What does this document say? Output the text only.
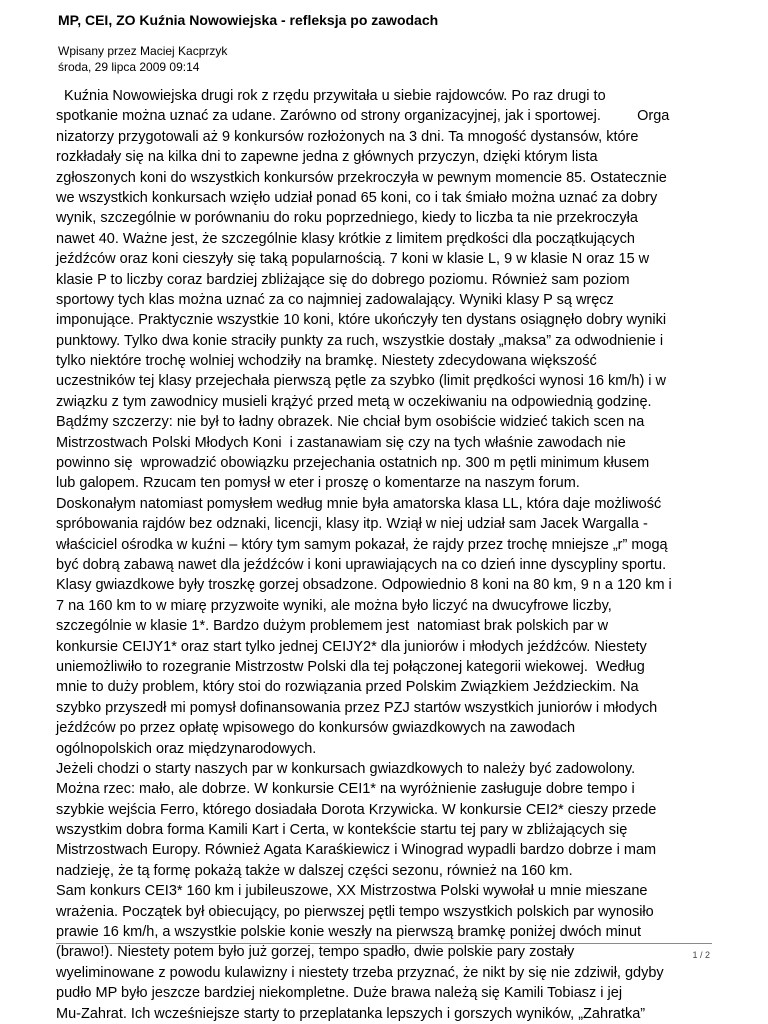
MP, CEI, ZO Kuźnia Nowowiejska - refleksja po zawodach
Wpisany przez Maciej Kacprzyk
środa, 29 lipca 2009 09:14
Kuźnia Nowowiejska drugi rok z rzędu przywitała u siebie rajdowców. Po raz drugi to
spotkanie można uznać za udane. Zarówno od strony organizacyjnej, jak i sportowej.         Orga
nizatorzy przygotowali aż 9 konkursów rozłożonych na 3 dni. Ta mnogość dystansów, które
rozkładały się na kilka dni to zapewne jedna z głównych przyczyn, dzięki którym lista
zgłoszonych koni do wszystkich konkursów przekroczyła w pewnym momencie 85. Ostatecznie
we wszystkich konkursach wzięło udział ponad 65 koni, co i tak śmiało można uznać za dobry
wynik, szczególnie w porównaniu do roku poprzedniego, kiedy to liczba ta nie przekroczyła
nawet 40. Ważne jest, że szczególnie klasy krótkie z limitem prędkości dla początkujących
jeźdźców oraz koni cieszyły się taką popularnością. 7 koni w klasie L, 9 w klasie N oraz 15 w
klasie P to liczby coraz bardziej zbliżające się do dobrego poziomu. Również sam poziom
sportowy tych klas można uznać za co najmniej zadowalający. Wyniki klasy P są wręcz
imponujące. Praktycznie wszystkie 10 koni, które ukończyły ten dystans osiągnęło dobry wyniki
punktowy. Tylko dwa konie straciły punkty za ruch, wszystkie dostały „maksa” za odwodnienie i
tylko niektóre trochę wolniej wchodziły na bramkę. Niestety zdecydowana większość
uczestników tej klasy przejechała pierwszą pętle za szybko (limit prędkości wynosi 16 km/h) i w
związku z tym zawodnicy musieli krążyć przed metą w oczekiwaniu na odpowiednią godzinę.
Bądźmy szczerzy: nie był to ładny obrazek. Nie chciał bym osobiście widzieć takich scen na
Mistrzostwach Polski Młodych Koni  i zastanawiam się czy na tych właśnie zawodach nie
powinno się  wprowadzić obowiązku przejechania ostatnich np. 300 m pętli minimum kłusem
lub galopem. Rzucam ten pomysł w eter i proszę o komentarze na naszym forum.
Doskonałym natomiast pomysłem według mnie była amatorska klasa LL, która daje możliwość
spróbowania rajdów bez odznaki, licencji, klasy itp. Wziął w niej udział sam Jacek Wargalla -
właściciel ośrodka w kuźni – który tym samym pokazał, że rajdy przez trochę mniejsze „r” mogą
być dobrą zabawą nawet dla jeźdźców i koni uprawiających na co dzień inne dyscypliny sportu.
Klasy gwiazdkowe były troszkę gorzej obsadzone. Odpowiednio 8 koni na 80 km, 9 n a 120 km i
7 na 160 km to w miarę przyzwoite wyniki, ale można było liczyć na dwucyfrowe liczby,
szczególnie w klasie 1*. Bardzo dużym problemem jest  natomiast brak polskich par w
konkursie CEIJY1* oraz start tylko jednej CEIJY2* dla juniorów i młodych jeźdźców. Niestety
uniemożliwiło to rozegranie Mistrzostw Polski dla tej połączonej kategorii wiekowej.  Według
mnie to duży problem, który stoi do rozwiązania przed Polskim Związkiem Jeździeckim. Na
szybko przyszedł mi pomysł dofinansowania przez PZJ startów wszystkich juniorów i młodych
jeźdźców po przez opłatę wpisowego do konkursów gwiazdkowych na zawodach
ogólnopolskich oraz międzynarodowych.
Jeżeli chodzi o starty naszych par w konkursach gwiazdkowych to należy być zadowolony.
Można rzec: mało, ale dobrze. W konkursie CEI1* na wyróżnienie zasługuje dobre tempo i
szybkie wejścia Ferro, którego dosiadała Dorota Krzywicka. W konkursie CEI2* cieszy przede
wszystkim dobra forma Kamili Kart i Certa, w kontekście startu tej pary w zbliżających się
Mistrzostwach Europy. Również Agata Karaśkiewicz i Winograd wypadli bardzo dobrze i mam
nadzieję, że tą formę pokażą także w dalszej części sezonu, również na 160 km.
Sam konkurs CEI3* 160 km i jubileuszowe, XX Mistrzostwa Polski wywołał u mnie mieszane
wrażenia. Początek był obiecujący, po pierwszej pętli tempo wszystkich polskich par wynosiło
prawie 16 km/h, a wszystkie polskie konie weszły na pierwszą bramkę poniżej dwóch minut
(brawo!). Niestety potem było już gorzej, tempo spadło, dwie polskie pary zostały
wyeliminowane z powodu kulawizny i niestety trzeba przyznać, że nikt by się nie zdziwił, gdyby
pudło MP było jeszcze bardziej niekompletne. Duże brawa należą się Kamili Tobiasz i jej
Mu-Zahrat. Ich wcześniejsze starty to przeplatanka lepszych i gorszych wyników, „Zahratka”
1 / 2
